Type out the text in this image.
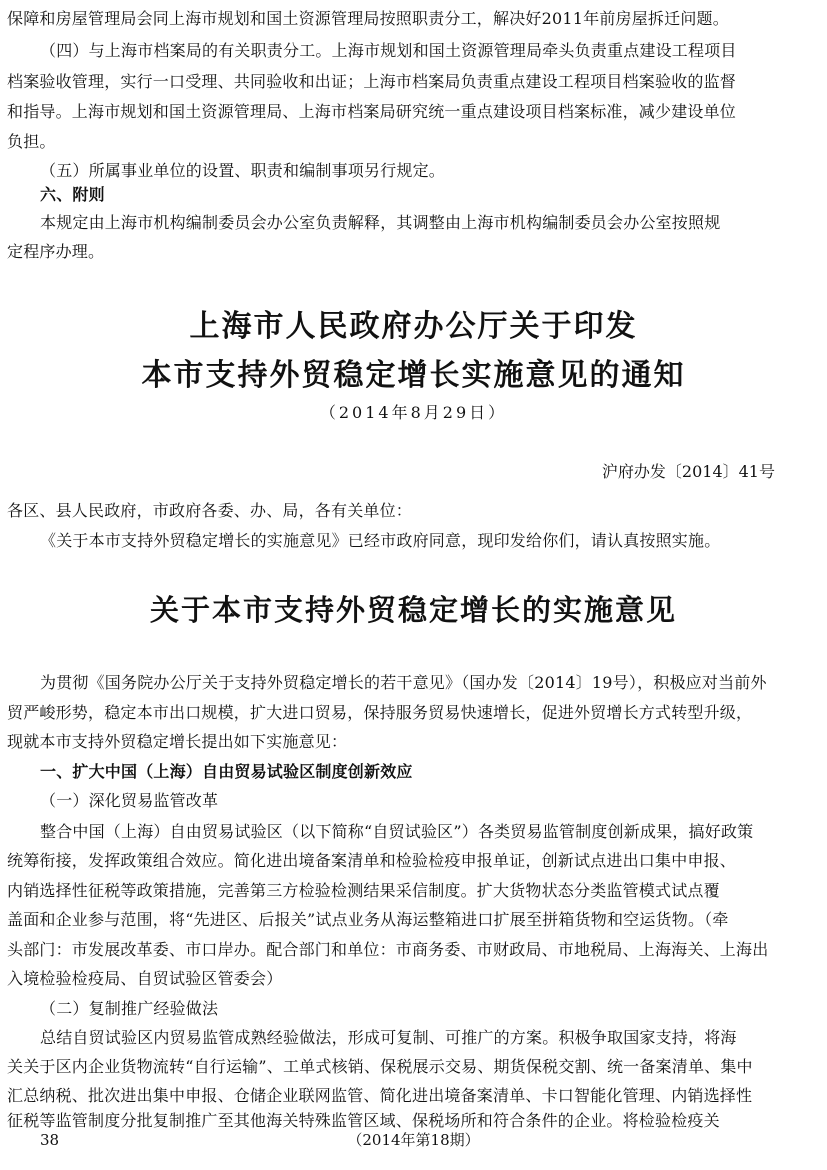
保障和房屋管理局会同上海市规划和国土资源管理局按照职责分工，解决好2011年前房屋拆迁问题。
（四）与上海市档案局的有关职责分工。上海市规划和国土资源管理局牵头负责重点建设工程项目
档案验收管理，实行一口受理、共同验收和出证；上海市档案局负责重点建设工程项目档案验收的监督
和指导。上海市规划和国土资源管理局、上海市档案局研究统一重点建设项目档案标准，减少建设单位
负担。
（五）所属事业单位的设置、职责和编制事项另行规定。
六、附则
本规定由上海市机构编制委员会办公室负责解释，其调整由上海市机构编制委员会办公室按照规
定程序办理。
上海市人民政府办公厅关于印发
本市支持外贸稳定增长实施意见的通知
（2014年8月29日）
沪府办发〔2014〕41号
各区、县人民政府，市政府各委、办、局，各有关单位：
《关于本市支持外贸稳定增长的实施意见》已经市政府同意，现印发给你们，请认真按照实施。
关于本市支持外贸稳定增长的实施意见
为贯彻《国务院办公厅关于支持外贸稳定增长的若干意见》（国办发〔2014〕19号），积极应对当前外
贸严峻形势，稳定本市出口规模，扩大进口贸易，保持服务贸易快速增长，促进外贸增长方式转型升级，
现就本市支持外贸稳定增长提出如下实施意见：
一、扩大中国（上海）自由贸易试验区制度创新效应
（一）深化贸易监管改革
整合中国（上海）自由贸易试验区（以下简称“自贸试验区”）各类贸易监管制度创新成果，搞好政策
统筹衔接，发挥政策组合效应。简化进出境备案清单和检验检疫申报单证，创新试点进出口集中申报、
内销选择性征税等政策措施，完善第三方检验检测结果采信制度。扩大货物状态分类监管模式试点覆
盖面和企业参与范围，将“先进区、后报关”试点业务从海运整箱进口扩展至拼箱货物和空运货物。（牵
头部门：市发展改革委、市口岸办。配合部门和单位：市商务委、市财政局、市地税局、上海海关、上海出
入境检验检疫局、自贸试验区管委会）
（二）复制推广经验做法
总结自贸试验区内贸易监管成熟经验做法，形成可复制、可推广的方案。积极争取国家支持，将海
关关于区内企业货物流转“自行运输”、工单式核销、保税展示交易、期货保税交割、统一备案清单、集中
汇总纳税、批次进出集中申报、仓储企业联网监管、简化进出境备案清单、卡口智能化管理、内销选择性
征税等监管制度分批复制推广至其他海关特殊监管区域、保税场所和符合条件的企业。将检验检疫关
38	（2014年第18期）
